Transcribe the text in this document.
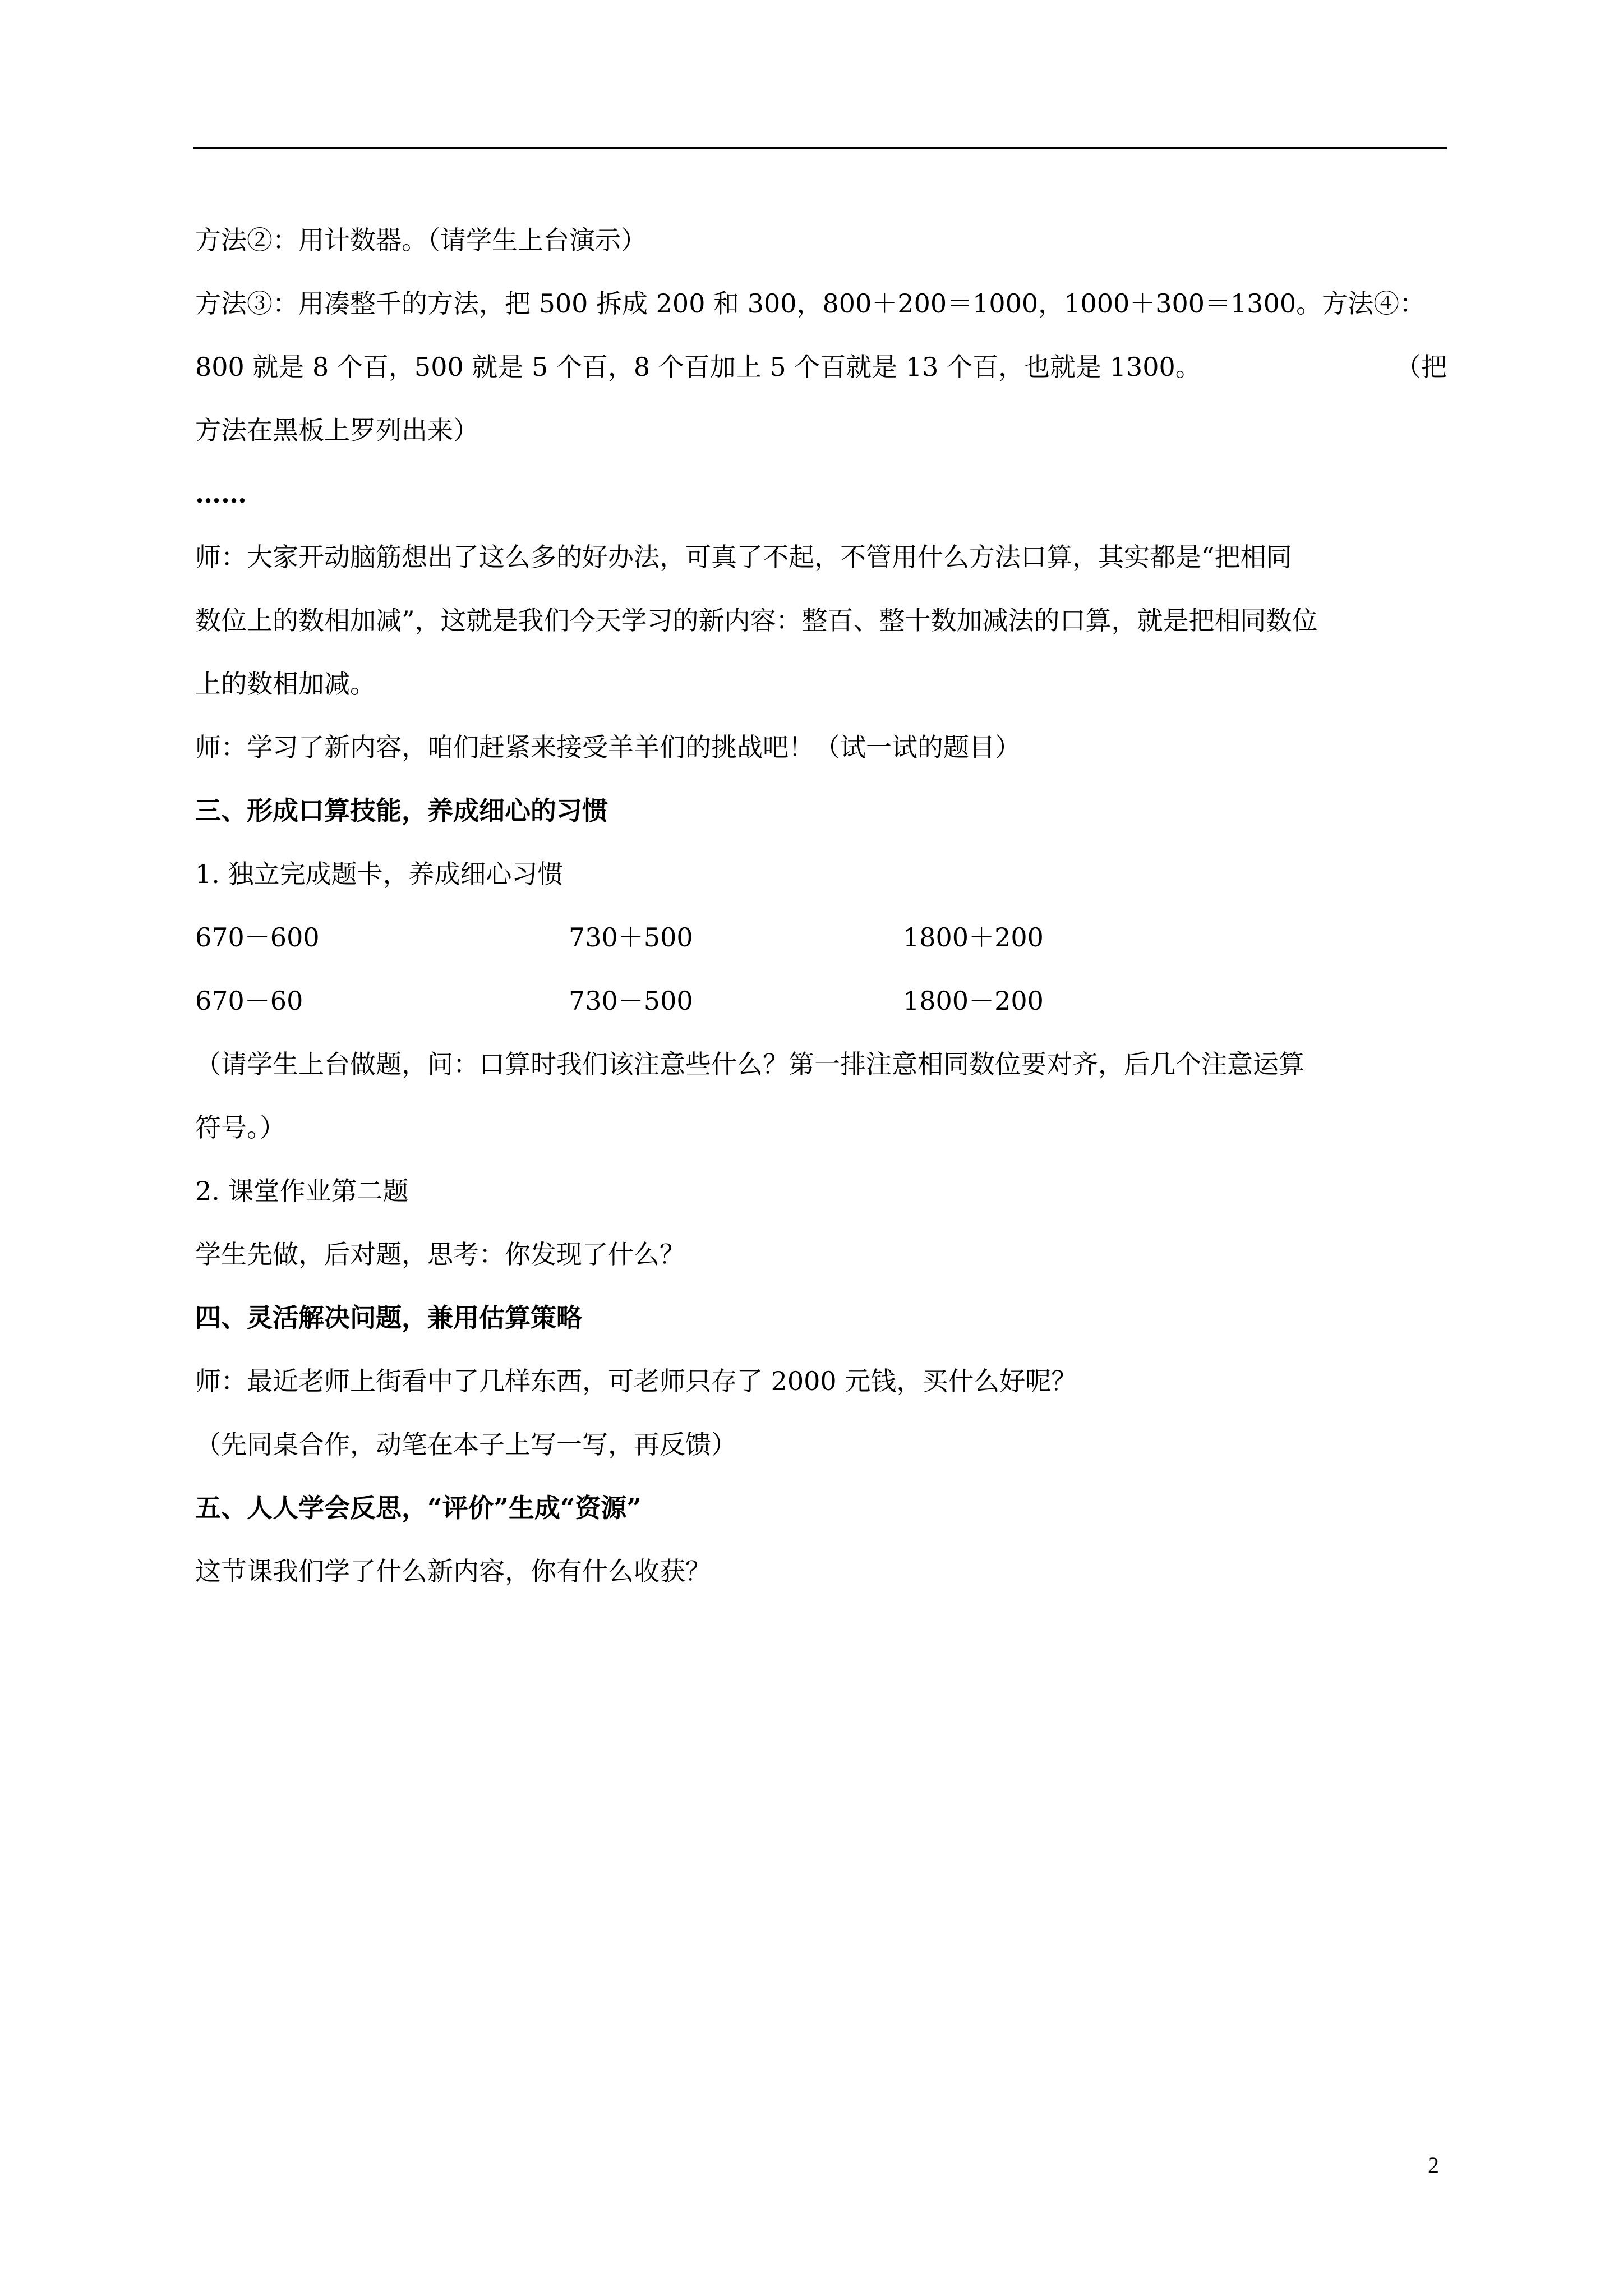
方法②：用计数器。（请学生上台演示）
方法③：用凑整千的方法，把 500 拆成 200 和 300，800＋200＝1000，1000＋300＝1300。方法④：
800 就是 8 个百，500 就是 5 个百，8 个百加上 5 个百就是 13 个百，也就是 1300。	（把
方法在黑板上罗列出来）
……
师：大家开动脑筋想出了这么多的好办法，可真了不起，不管用什么方法口算，其实都是“把相同
数位上的数相加减”，这就是我们今天学习的新内容：整百、整十数加减法的口算，就是把相同数位
上的数相加减。
师：学习了新内容，咱们赶紧来接受羊羊们的挑战吧！（试一试的题目）
三、形成口算技能，养成细心的习惯
1. 独立完成题卡，养成细心习惯
670－600	730＋500	1800＋200
670－60	730－500	1800－200
（请学生上台做题，问：口算时我们该注意些什么？第一排注意相同数位要对齐，后几个注意运算
符号。）
2. 课堂作业第二题
学生先做，后对题，思考：你发现了什么？
四、灵活解决问题，兼用估算策略
师：最近老师上街看中了几样东西，可老师只存了 2000 元钱，买什么好呢？
（先同桌合作，动笔在本子上写一写，再反馈）
五、人人学会反思，“评价”生成“资源”
这节课我们学了什么新内容，你有什么收获？
2
